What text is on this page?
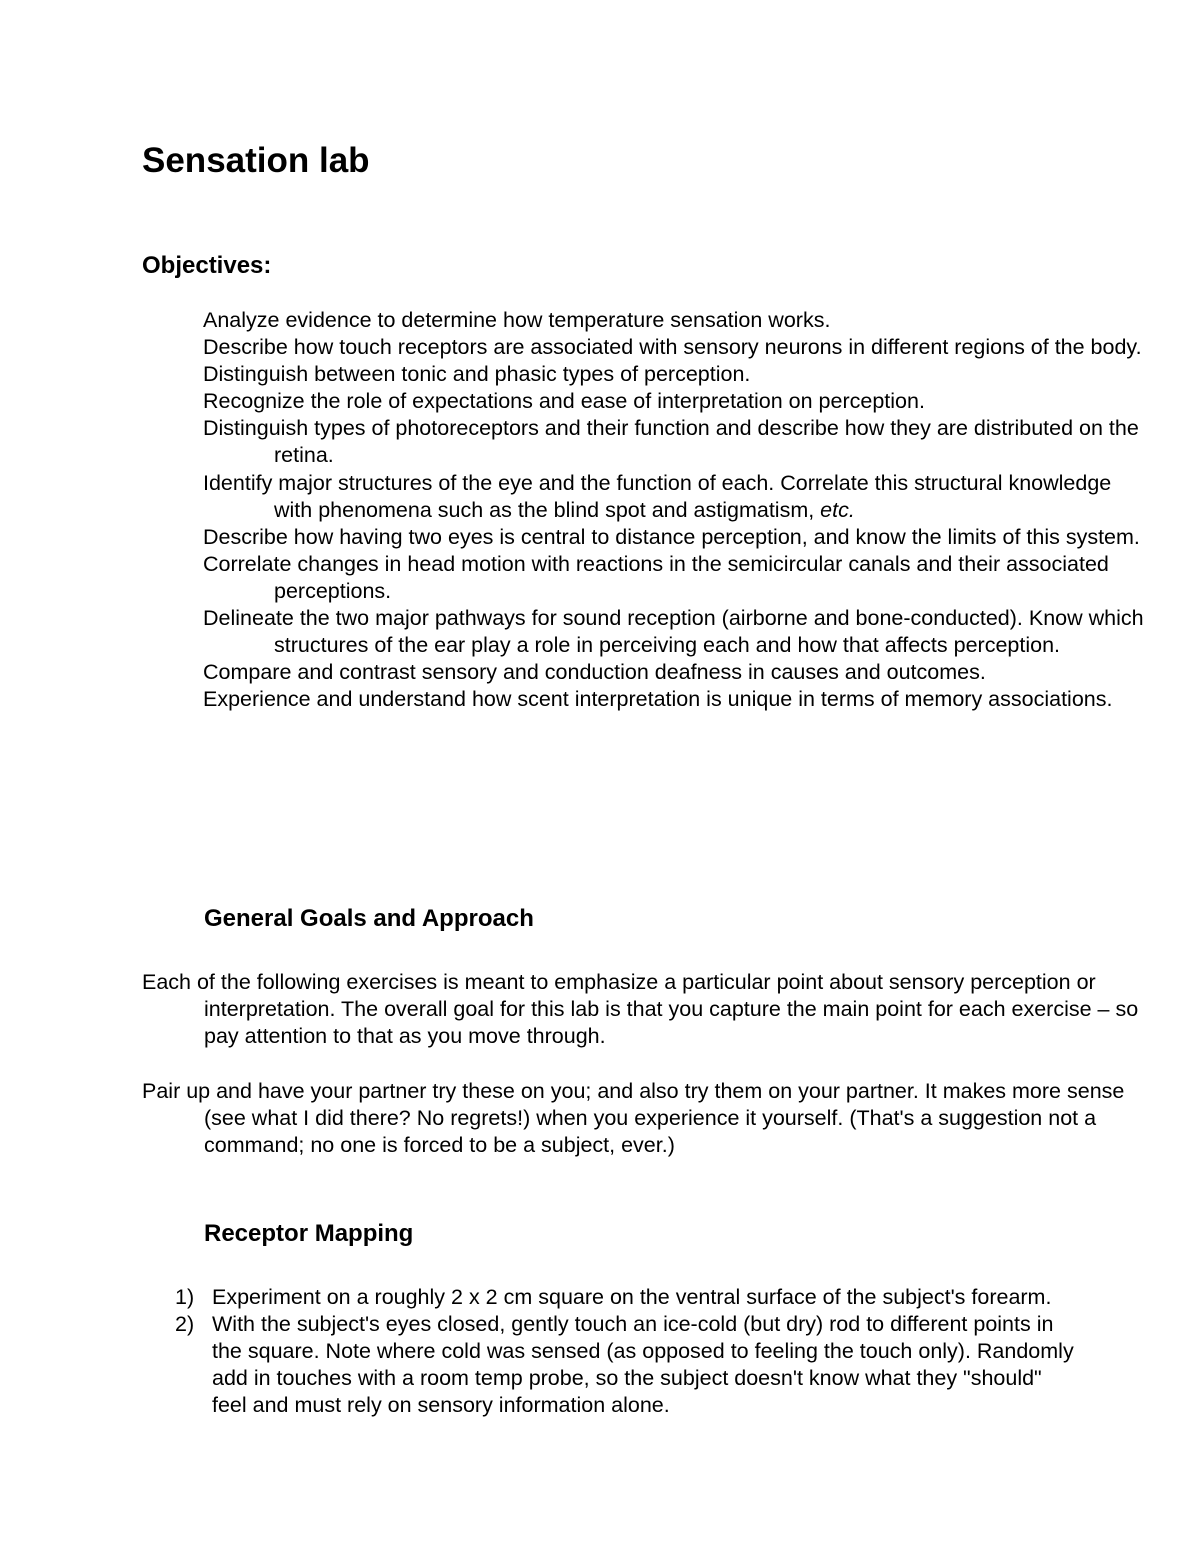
Sensation lab
Objectives:
Analyze evidence to determine how temperature sensation works.
Describe how touch receptors are associated with sensory neurons in different regions of the body.
Distinguish between tonic and phasic types of perception.
Recognize the role of expectations and ease of interpretation on perception.
Distinguish types of photoreceptors and their function and describe how they are distributed on the retina.
Identify major structures of the eye and the function of each. Correlate this structural knowledge with phenomena such as the blind spot and astigmatism, etc.
Describe how having two eyes is central to distance perception, and know the limits of this system.
Correlate changes in head motion with reactions in the semicircular canals and their associated perceptions.
Delineate the two major pathways for sound reception (airborne and bone-conducted). Know which structures of the ear play a role in perceiving each and how that affects perception.
Compare and contrast sensory and conduction deafness in causes and outcomes.
Experience and understand how scent interpretation is unique in terms of memory associations.
General Goals and Approach

Each of the following exercises is meant to emphasize a particular point about sensory perception or interpretation. The overall goal for this lab is that you capture the main point for each exercise – so pay attention to that as you move through.

Pair up and have your partner try these on you; and also try them on your partner. It makes more sense (see what I did there? No regrets!) when you experience it yourself. (That's a suggestion not a command; no one is forced to be a subject, ever.)

Receptor Mapping
1) Experiment on a roughly 2 x 2 cm square on the ventral surface of the subject's forearm.
2) With the subject's eyes closed, gently touch an ice-cold (but dry) rod to different points in the square. Note where cold was sensed (as opposed to feeling the touch only). Randomly add in touches with a room temp probe, so the subject doesn't know what they "should" feel and must rely on sensory information alone.
